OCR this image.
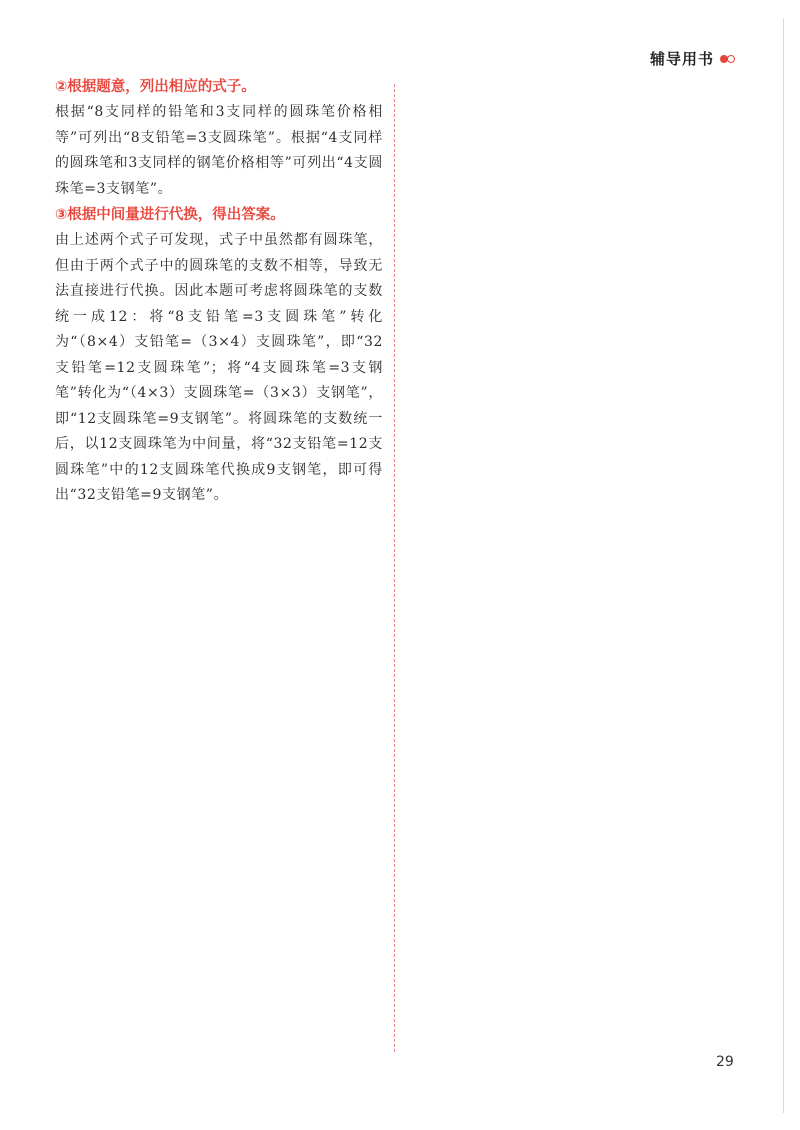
辅导用书

②根据题意，列出相应的式子。

根据“8支同样的铅笔和3支同样的圆珠笔价格相等”可列出“8支铅笔=3支圆珠笔”。根据“4支同样的圆珠笔和3支同样的钢笔价格相等”可列出“4支圆珠笔=3支钢笔”。

③根据中间量进行代换，得出答案。

由上述两个式子可发现，式子中虽然都有圆珠笔，但由于两个式子中的圆珠笔的支数不相等，导致无法直接进行代换。因此本题可考虑将圆珠笔的支数统一成12：将“8支铅笔=3支圆珠笔”转化为“（8×4）支铅笔=（3×4）支圆珠笔”，即“32支铅笔=12支圆珠笔”；将“4支圆珠笔=3支钢笔”转化为“（4×3）支圆珠笔=（3×3）支钢笔”，即“12支圆珠笔=9支钢笔”。将圆珠笔的支数统一后，以12支圆珠笔为中间量，将“32支铅笔=12支圆珠笔”中的12支圆珠笔代换成9支钢笔，即可得出“32支铅笔=9支钢笔”。

29
